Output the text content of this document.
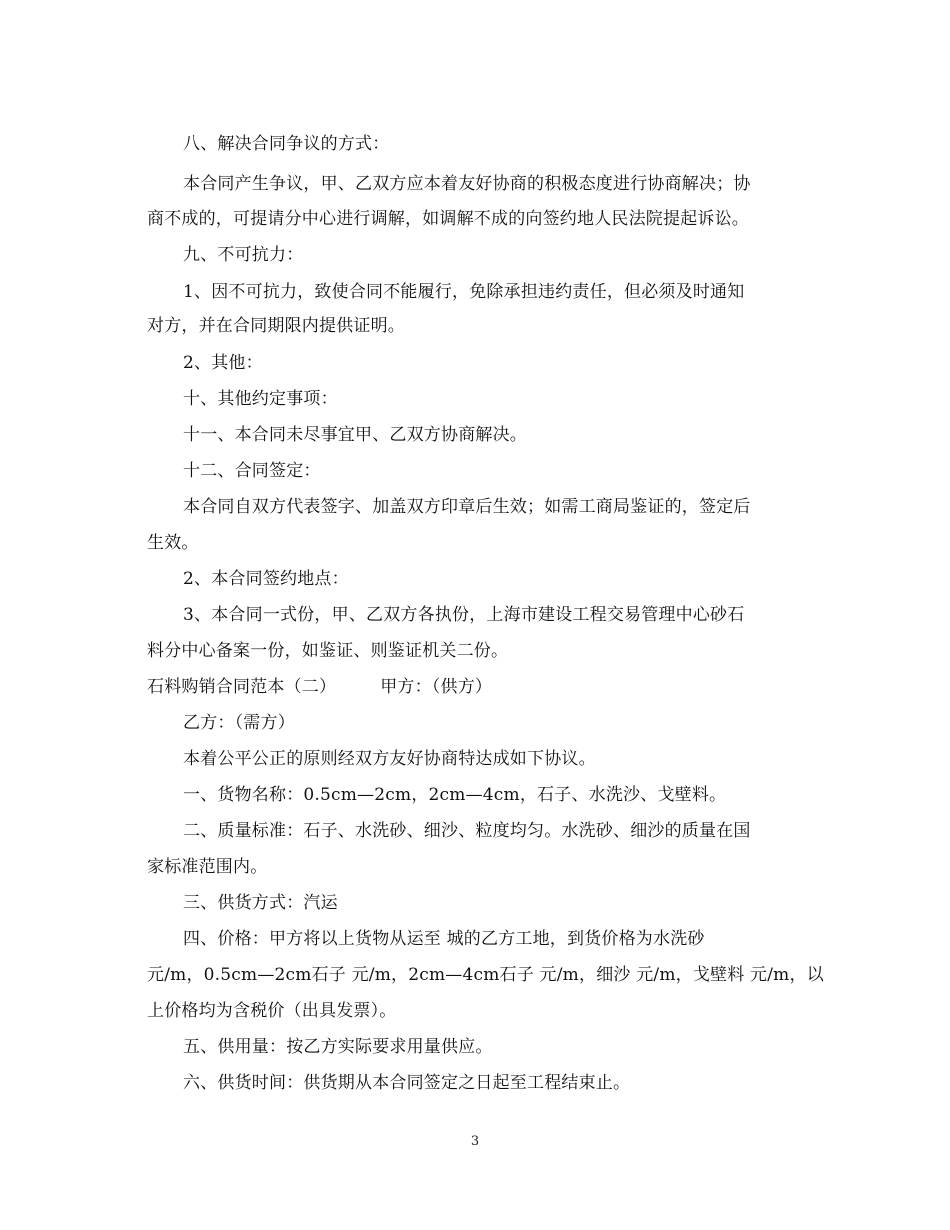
八、解决合同争议的方式：
本合同产生争议，甲、乙双方应本着友好协商的积极态度进行协商解决；协
商不成的，可提请分中心进行调解，如调解不成的向签约地人民法院提起诉讼。
九、不可抗力：
1、因不可抗力，致使合同不能履行，免除承担违约责任，但必须及时通知
对方，并在合同期限内提供证明。
2、其他：
十、其他约定事项：
十一、本合同未尽事宜甲、乙双方协商解决。
十二、合同签定：
本合同自双方代表签字、加盖双方印章后生效；如需工商局鉴证的，签定后
生效。
2、本合同签约地点：
3、本合同一式份，甲、乙双方各执份，上海市建设工程交易管理中心砂石
料分中心备案一份，如鉴证、则鉴证机关二份。
石料购销合同范本（二）	甲方：（供方）
乙方：（需方）
本着公平公正的原则经双方友好协商特达成如下协议。
一、货物名称：0.5cm—2cm，2cm—4cm，石子、水洗沙、戈壁料。
二、质量标准：石子、水洗砂、细沙、粒度均匀。水洗砂、细沙的质量在国
家标准范围内。
三、供货方式：汽运
四、价格：甲方将以上货物从运至 城的乙方工地，到货价格为水洗砂
元/m，0.5cm—2cm石子 元/m，2cm—4cm石子 元/m，细沙 元/m，戈壁料 元/m，以
上价格均为含税价（出具发票）。
五、供用量：按乙方实际要求用量供应。
六、供货时间：供货期从本合同签定之日起至工程结束止。
3
